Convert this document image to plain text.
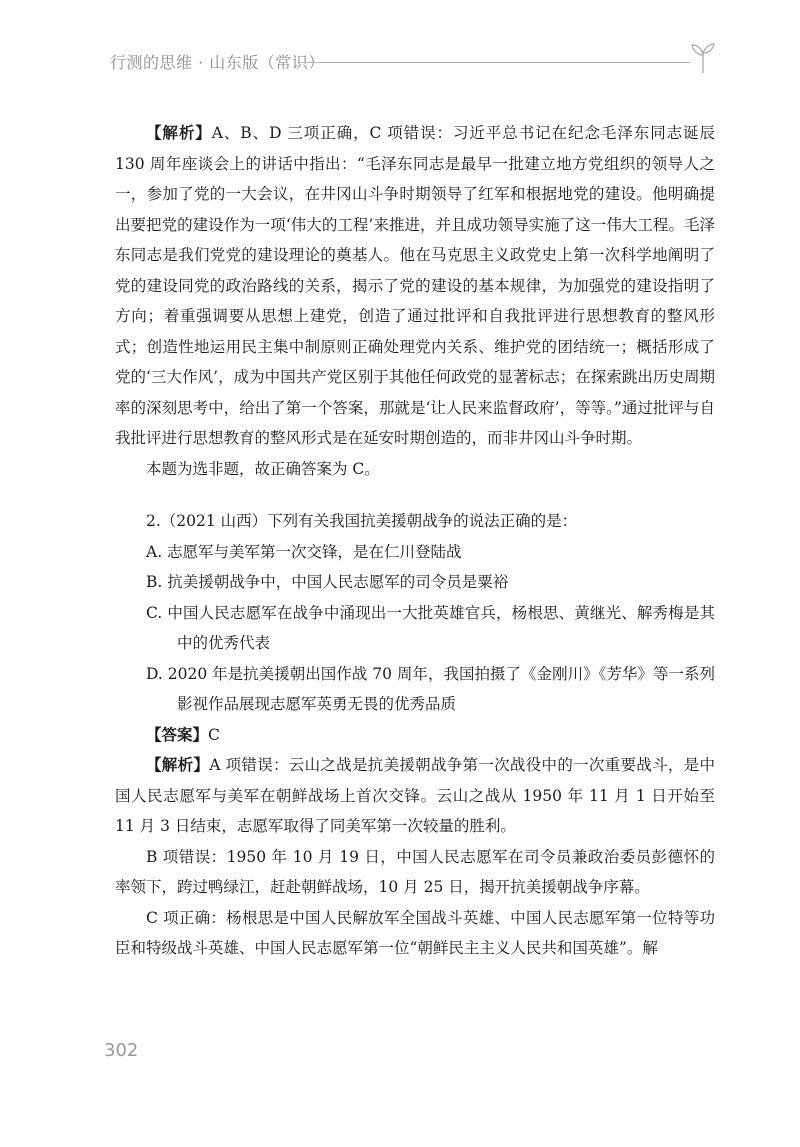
行测的思维 · 山东版（常识）

【解析】A、B、D 三项正确，C 项错误：习近平总书记在纪念毛泽东同志诞辰 130 周年座谈会上的讲话中指出：“毛泽东同志是最早一批建立地方党组织的领导人之一，参加了党的一大会议，在井冈山斗争时期领导了红军和根据地党的建设。他明确提出要把党的建设作为一项‘伟大的工程’来推进，并且成功领导实施了这一伟大工程。毛泽东同志是我们党党的建设理论的奠基人。他在马克思主义政党史上第一次科学地阐明了党的建设同党的政治路线的关系，揭示了党的建设的基本规律，为加强党的建设指明了方向；着重强调要从思想上建党，创造了通过批评和自我批评进行思想教育的整风形式；创造性地运用民主集中制原则正确处理党内关系、维护党的团结统一；概括形成了党的‘三大作风’，成为中国共产党区别于其他任何政党的显著标志；在探索跳出历史周期率的深刻思考中，给出了第一个答案，那就是‘让人民来监督政府’，等等。”通过批评与自我批评进行思想教育的整风形式是在延安时期创造的，而非井冈山斗争时期。

本题为选非题，故正确答案为 C。

2.（2021 山西）下列有关我国抗美援朝战争的说法正确的是：

A. 志愿军与美军第一次交锋，是在仁川登陆战

B. 抗美援朝战争中，中国人民志愿军的司令员是粟裕

C. 中国人民志愿军在战争中涌现出一大批英雄官兵，杨根思、黄继光、解秀梅是其中的优秀代表

D. 2020 年是抗美援朝出国作战 70 周年，我国拍摄了《金刚川》《芳华》等一系列影视作品展现志愿军英勇无畏的优秀品质

【答案】C

【解析】A 项错误：云山之战是抗美援朝战争第一次战役中的一次重要战斗，是中国人民志愿军与美军在朝鲜战场上首次交锋。云山之战从 1950 年 11 月 1 日开始至 11 月 3 日结束，志愿军取得了同美军第一次较量的胜利。

B 项错误：1950 年 10 月 19 日，中国人民志愿军在司令员兼政治委员彭德怀的率领下，跨过鸭绿江，赶赴朝鲜战场，10 月 25 日，揭开抗美援朝战争序幕。

C 项正确：杨根思是中国人民解放军全国战斗英雄、中国人民志愿军第一位特等功臣和特级战斗英雄、中国人民志愿军第一位“朝鲜民主主义人民共和国英雄”。解

302
